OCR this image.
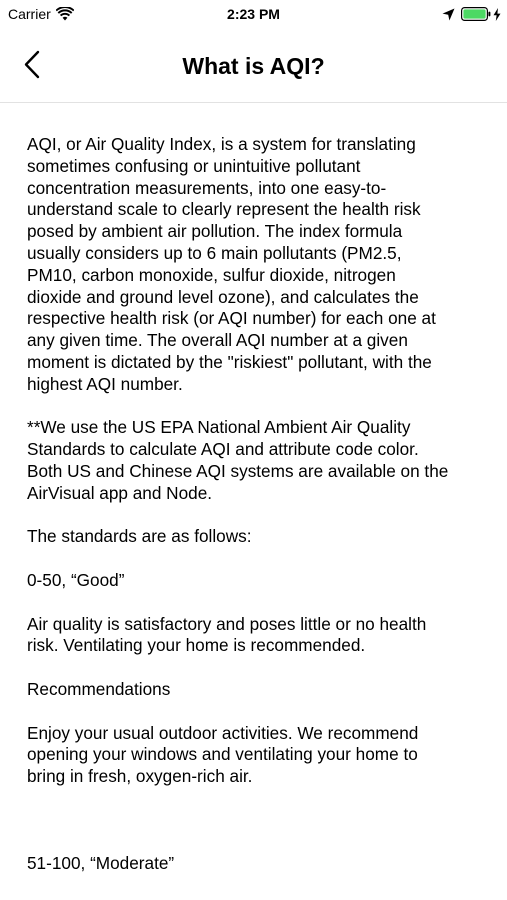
Carrier	2:23 PM
What is AQI?

AQI, or Air Quality Index, is a system for translating
sometimes confusing or unintuitive pollutant
concentration measurements, into one easy-to-
understand scale to clearly represent the health risk
posed by ambient air pollution. The index formula
usually considers up to 6 main pollutants (PM2.5,
PM10, carbon monoxide, sulfur dioxide, nitrogen
dioxide and ground level ozone), and calculates the
respective health risk (or AQI number) for each one at
any given time. The overall AQI number at a given
moment is dictated by the "riskiest" pollutant, with the
highest AQI number.

**We use the US EPA National Ambient Air Quality
Standards to calculate AQI and attribute code color.
Both US and Chinese AQI systems are available on the
AirVisual app and Node.

The standards are as follows:

0-50, “Good”

Air quality is satisfactory and poses little or no health
risk. Ventilating your home is recommended.

Recommendations

Enjoy your usual outdoor activities. We recommend
opening your windows and ventilating your home to
bring in fresh, oxygen-rich air.

51-100, “Moderate”
